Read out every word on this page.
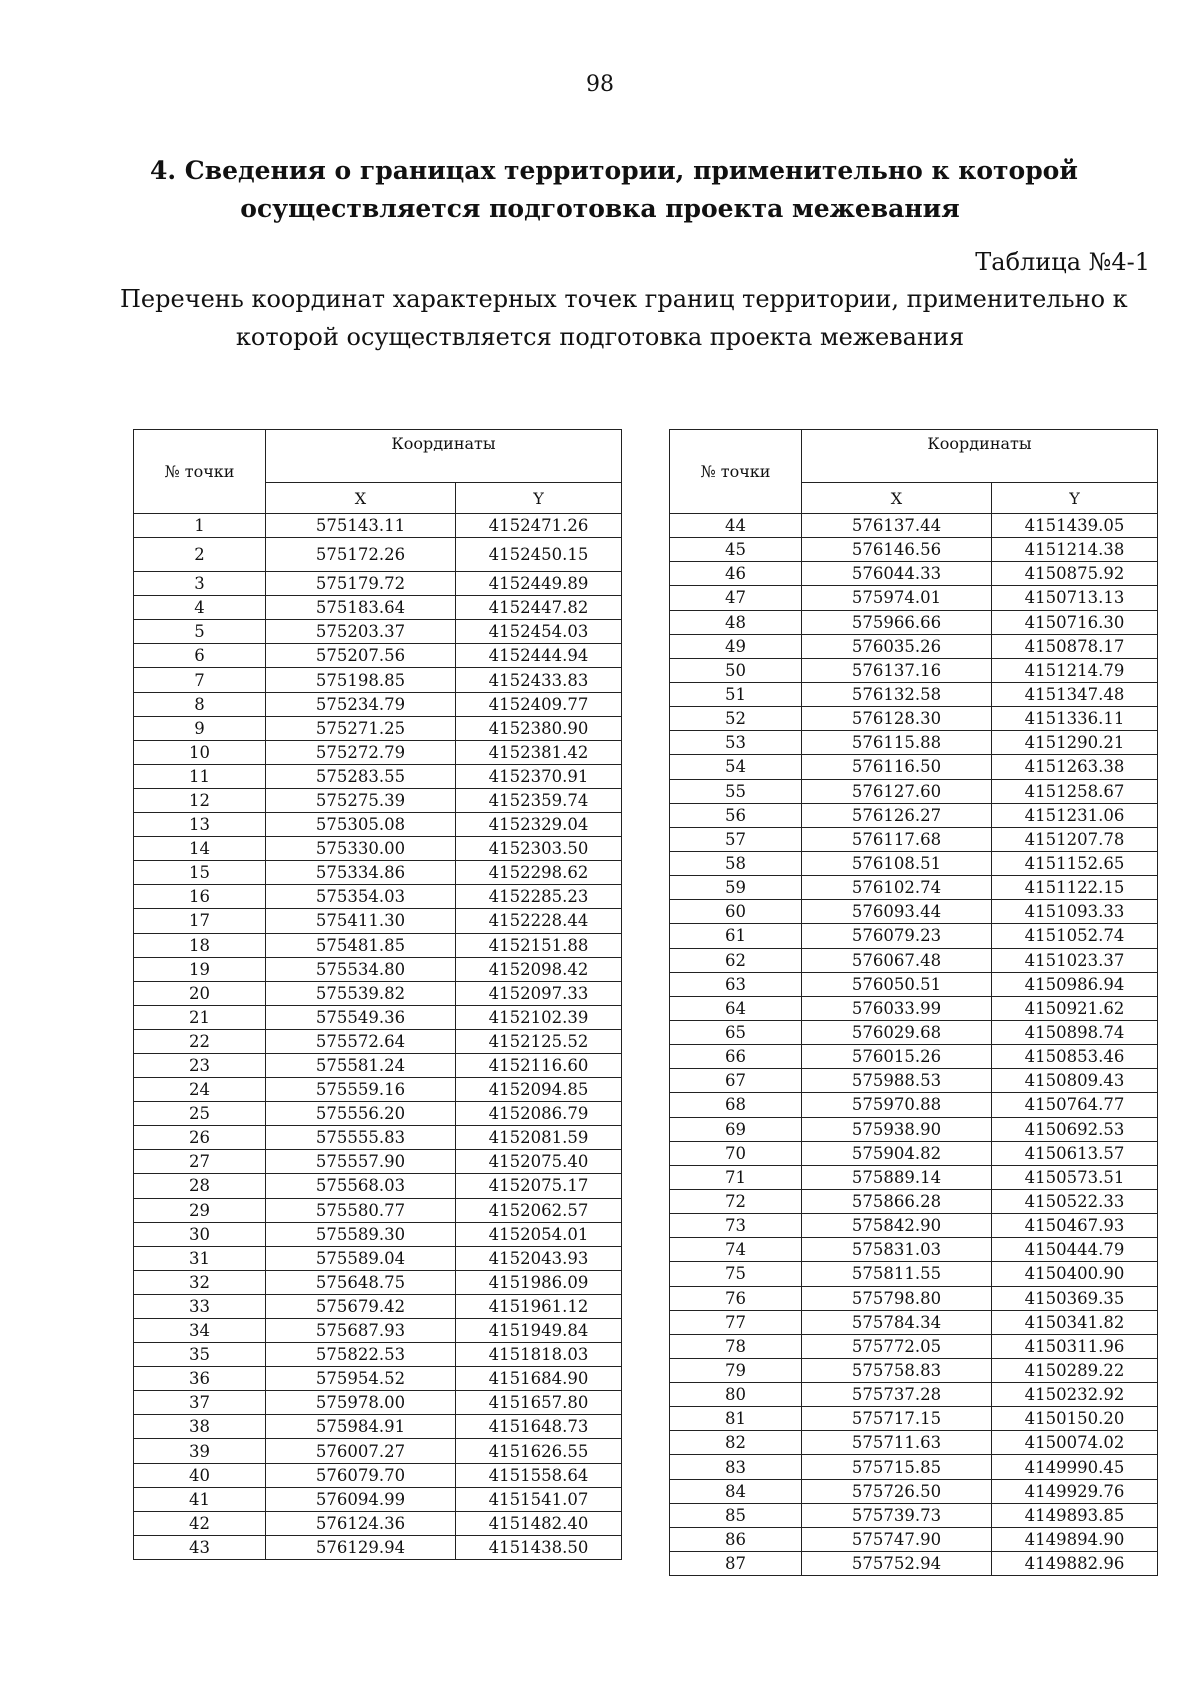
98
4. Сведения о границах территории, применительно к которой
осуществляется подготовка проекта межевания
Таблица №4-1
Перечень координат характерных точек границ территории, применительно к
которой осуществляется подготовка проекта межевания
№ точки	Координаты	
	X	Y
1	575143.11	4152471.26
2	575172.26	4152450.15
3	575179.72	4152449.89
4	575183.64	4152447.82
5	575203.37	4152454.03
6	575207.56	4152444.94
7	575198.85	4152433.83
8	575234.79	4152409.77
9	575271.25	4152380.90
10	575272.79	4152381.42
11	575283.55	4152370.91
12	575275.39	4152359.74
13	575305.08	4152329.04
14	575330.00	4152303.50
15	575334.86	4152298.62
16	575354.03	4152285.23
17	575411.30	4152228.44
18	575481.85	4152151.88
19	575534.80	4152098.42
20	575539.82	4152097.33
21	575549.36	4152102.39
22	575572.64	4152125.52
23	575581.24	4152116.60
24	575559.16	4152094.85
25	575556.20	4152086.79
26	575555.83	4152081.59
27	575557.90	4152075.40
28	575568.03	4152075.17
29	575580.77	4152062.57
30	575589.30	4152054.01
31	575589.04	4152043.93
32	575648.75	4151986.09
33	575679.42	4151961.12
34	575687.93	4151949.84
35	575822.53	4151818.03
36	575954.52	4151684.90
37	575978.00	4151657.80
38	575984.91	4151648.73
39	576007.27	4151626.55
40	576079.70	4151558.64
41	576094.99	4151541.07
42	576124.36	4151482.40
43	576129.94	4151438.50
№ точки	Координаты	
	X	Y
44	576137.44	4151439.05
45	576146.56	4151214.38
46	576044.33	4150875.92
47	575974.01	4150713.13
48	575966.66	4150716.30
49	576035.26	4150878.17
50	576137.16	4151214.79
51	576132.58	4151347.48
52	576128.30	4151336.11
53	576115.88	4151290.21
54	576116.50	4151263.38
55	576127.60	4151258.67
56	576126.27	4151231.06
57	576117.68	4151207.78
58	576108.51	4151152.65
59	576102.74	4151122.15
60	576093.44	4151093.33
61	576079.23	4151052.74
62	576067.48	4151023.37
63	576050.51	4150986.94
64	576033.99	4150921.62
65	576029.68	4150898.74
66	576015.26	4150853.46
67	575988.53	4150809.43
68	575970.88	4150764.77
69	575938.90	4150692.53
70	575904.82	4150613.57
71	575889.14	4150573.51
72	575866.28	4150522.33
73	575842.90	4150467.93
74	575831.03	4150444.79
75	575811.55	4150400.90
76	575798.80	4150369.35
77	575784.34	4150341.82
78	575772.05	4150311.96
79	575758.83	4150289.22
80	575737.28	4150232.92
81	575717.15	4150150.20
82	575711.63	4150074.02
83	575715.85	4149990.45
84	575726.50	4149929.76
85	575739.73	4149893.85
86	575747.90	4149894.90
87	575752.94	4149882.96
